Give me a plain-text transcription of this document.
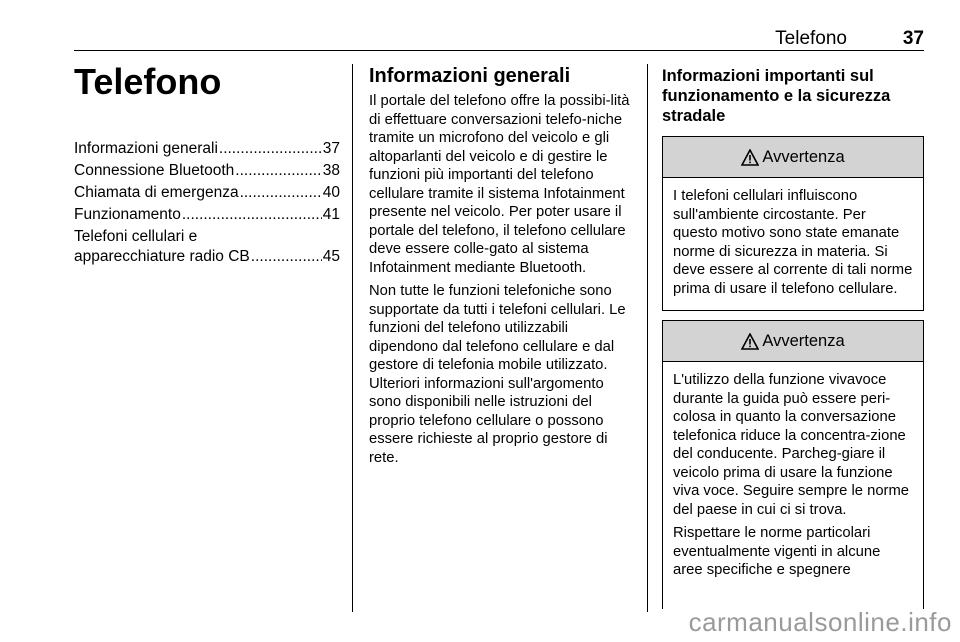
Telefono	37
Telefono
Informazioni generali .....	37
Connessione Bluetooth .....	38
Chiamata di emergenza .....	40
Funzionamento .....	41
Telefoni cellulari e
apparecchiature radio CB .....	45
Informazioni generali

Il portale del telefono offre la possibi-lità di effettuare conversazioni telefo-niche tramite un microfono del veicolo e gli altoparlanti del veicolo e di gestire le funzioni più importanti del telefono cellulare tramite il sistema Infotainment presente nel veicolo. Per poter usare il portale del telefono, il telefono cellulare deve essere colle-gato al sistema Infotainment mediante Bluetooth.

Non tutte le funzioni telefoniche sono supportate da tutti i telefoni cellulari. Le funzioni del telefono utilizzabili dipendono dal telefono cellulare e dal gestore di telefonia mobile utilizzato. Ulteriori informazioni sull'argomento sono disponibili nelle istruzioni del proprio telefono cellulare o possono essere richieste al proprio gestore di rete.

Informazioni importanti sul
funzionamento e la sicurezza
stradale
Avvertenza

I telefoni cellulari influiscono sull'ambiente circostante. Per questo motivo sono state emanate norme di sicurezza in materia. Si deve essere al corrente di tali norme prima di usare il telefono cellulare.

Avvertenza

L'utilizzo della funzione vivavoce durante la guida può essere peri-colosa in quanto la conversazione telefonica riduce la concentra-zione del conducente. Parcheg-giare il veicolo prima di usare la funzione viva voce. Seguire sempre le norme del paese in cui ci si trova.

Rispettare le norme particolari eventualmente vigenti in alcune aree specifiche e spegnere

carmanualsonline.info
